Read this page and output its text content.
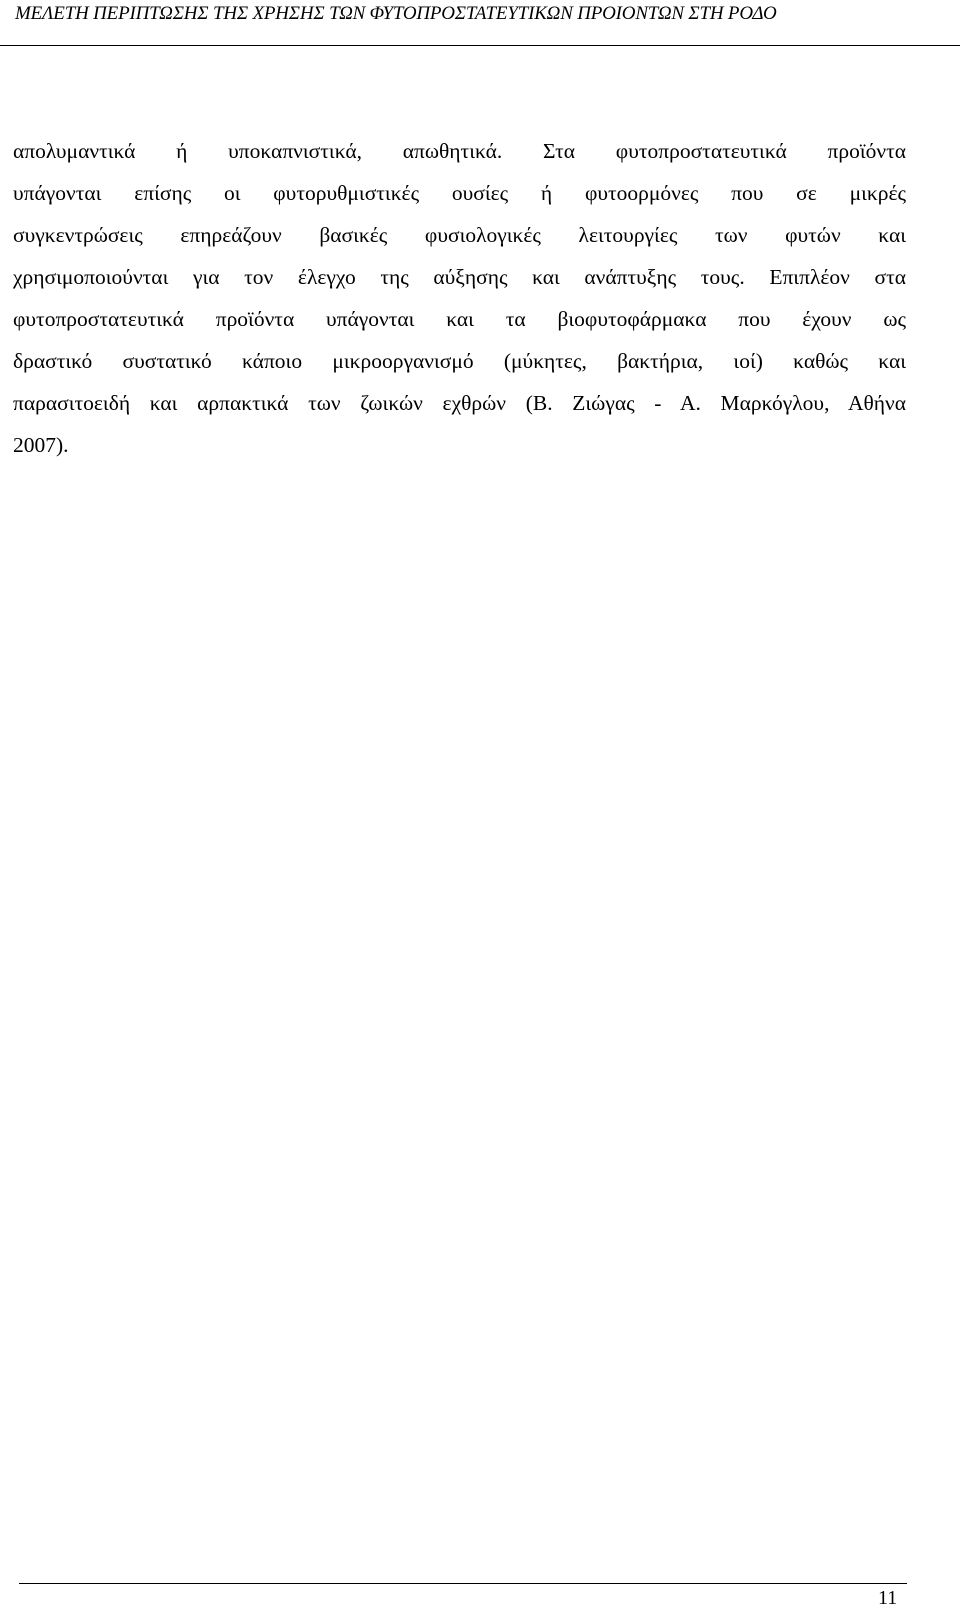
ΜΕΛΕΤΗ ΠΕΡΙΠΤΩΣΗΣ ΤΗΣ ΧΡΗΣΗΣ ΤΩΝ ΦΥΤΟΠΡΟΣΤΑΤΕΥΤΙΚΩΝ ΠΡΟΙΟΝΤΩΝ ΣΤΗ ΡΟΔΟ
απολυμαντικά ή υποκαπνιστικά, απωθητικά. Στα φυτοπροστατευτικά προϊόντα
υπάγονται επίσης οι φυτορυθμιστικές ουσίες ή φυτοορμόνες που σε μικρές
συγκεντρώσεις επηρεάζουν βασικές φυσιολογικές λειτουργίες των φυτών και
χρησιμοποιούνται για τον έλεγχο της αύξησης και ανάπτυξης τους. Επιπλέον στα
φυτοπροστατευτικά προϊόντα υπάγονται και τα βιοφυτοφάρμακα που έχουν ως
δραστικό συστατικό κάποιο μικροοργανισμό (μύκητες, βακτήρια, ιοί) καθώς και
παρασιτοειδή και αρπακτικά των ζωικών εχθρών (Β. Ζιώγας - Α. Μαρκόγλου, Αθήνα
2007).
11
